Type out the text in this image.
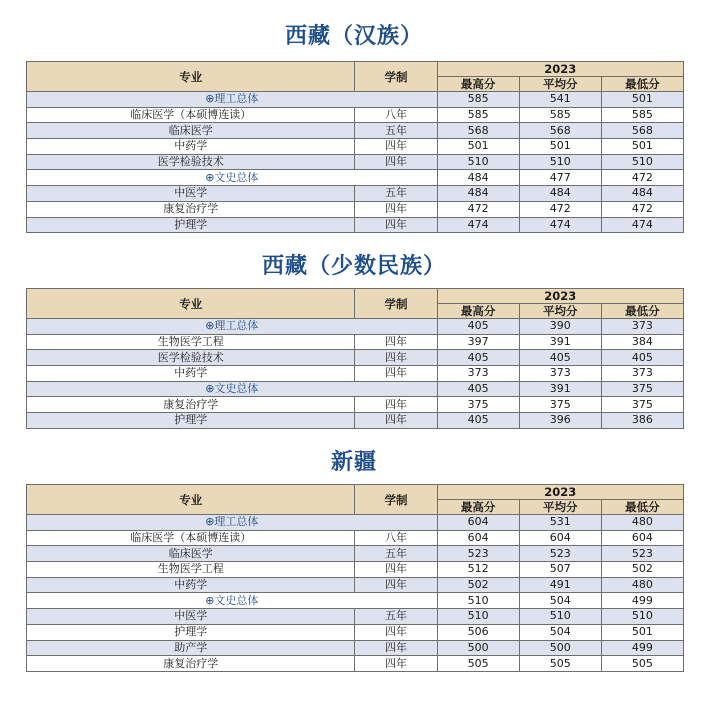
西藏（汉族）
专业	学制	2023		
		最高分	平均分	最低分
⊕理工总体		585	541	501
临床医学（本硕博连读）	八年	585	585	585
临床医学	五年	568	568	568
中药学	四年	501	501	501
医学检验技术	四年	510	510	510
⊕文史总体		484	477	472
中医学	五年	484	484	484
康复治疗学	四年	472	472	472
护理学	四年	474	474	474
西藏（少数民族）
专业	学制	2023		
		最高分	平均分	最低分
⊕理工总体		405	390	373
生物医学工程	四年	397	391	384
医学检验技术	四年	405	405	405
中药学	四年	373	373	373
⊕文史总体		405	391	375
康复治疗学	四年	375	375	375
护理学	四年	405	396	386
新疆
专业	学制	2023		
		最高分	平均分	最低分
⊕理工总体		604	531	480
临床医学（本硕博连读）	八年	604	604	604
临床医学	五年	523	523	523
生物医学工程	四年	512	507	502
中药学	四年	502	491	480
⊕文史总体		510	504	499
中医学	五年	510	510	510
护理学	四年	506	504	501
助产学	四年	500	500	499
康复治疗学	四年	505	505	505
